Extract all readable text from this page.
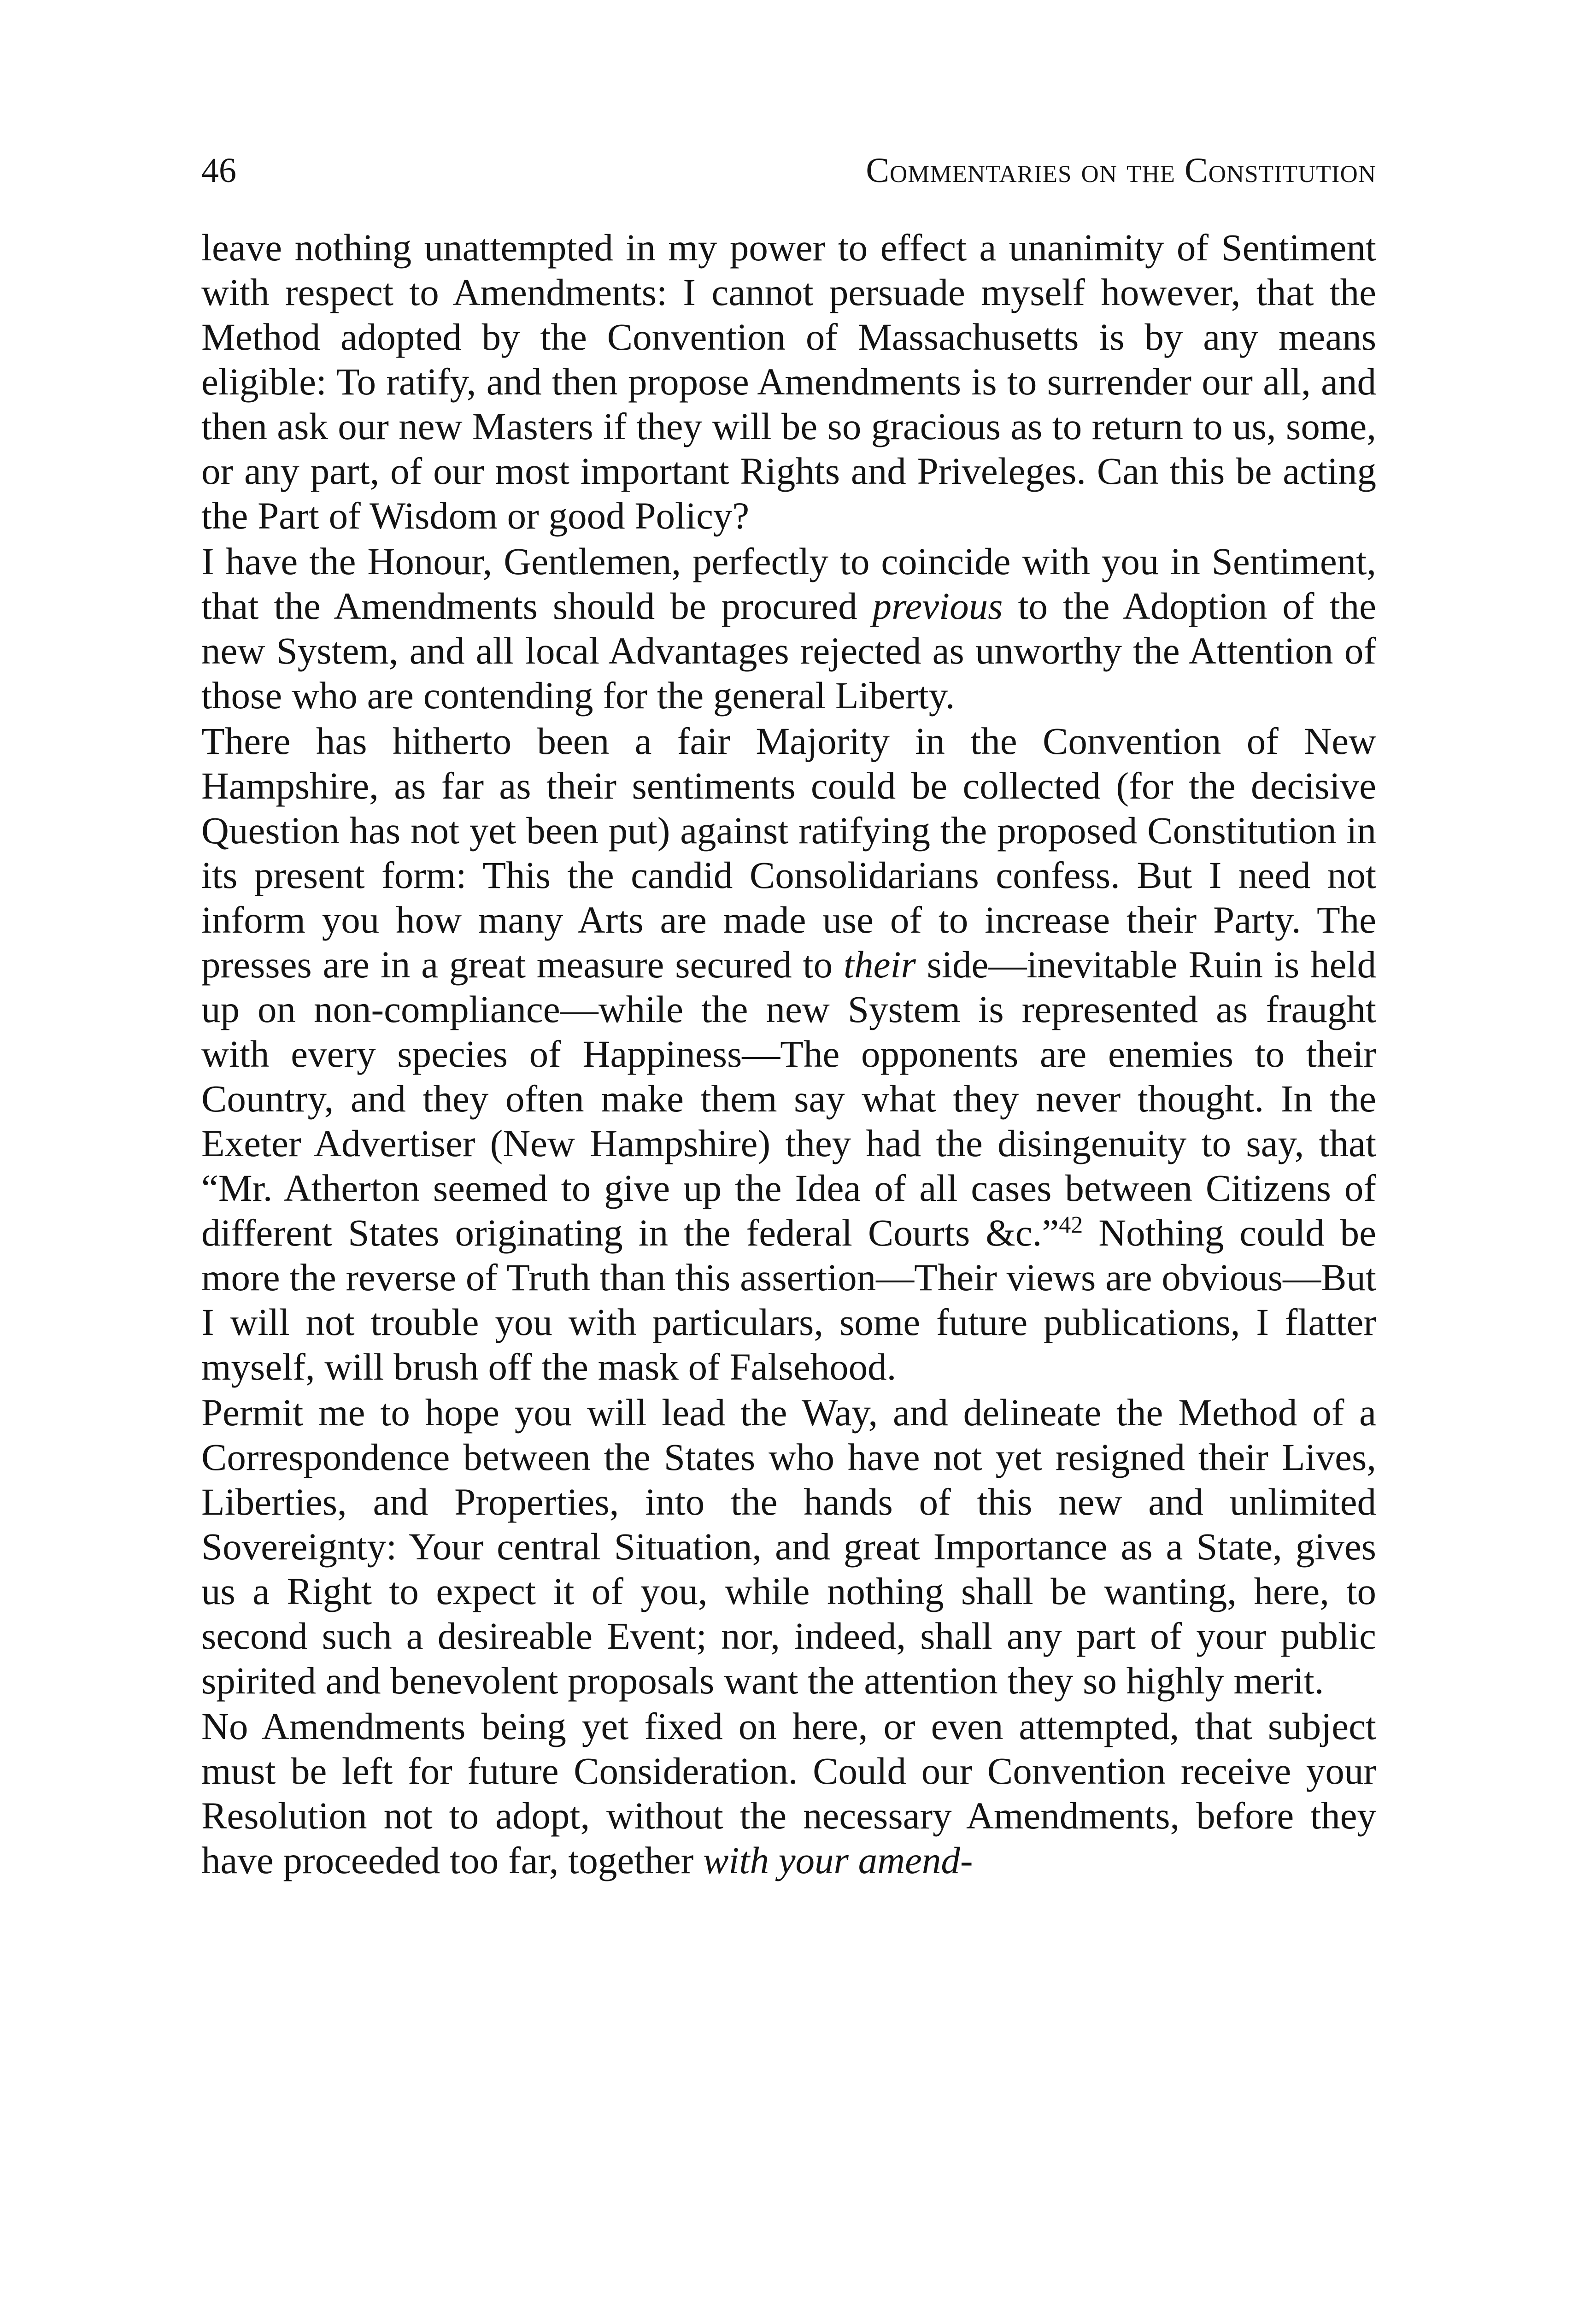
46	Commentaries on the Constitution

leave nothing unattempted in my power to effect a unanimity of Sentiment with respect to Amendments: I cannot persuade myself however, that the Method adopted by the Convention of Massachusetts is by any means eligible: To ratify, and then propose Amendments is to surrender our all, and then ask our new Masters if they will be so gracious as to return to us, some, or any part, of our most important Rights and Priveleges. Can this be acting the Part of Wisdom or good Policy?

I have the Honour, Gentlemen, perfectly to coincide with you in Sentiment, that the Amendments should be procured previous to the Adoption of the new System, and all local Advantages rejected as unworthy the Attention of those who are contending for the general Liberty.

There has hitherto been a fair Majority in the Convention of New Hampshire, as far as their sentiments could be collected (for the decisive Question has not yet been put) against ratifying the proposed Constitution in its present form: This the candid Consolidarians confess. But I need not inform you how many Arts are made use of to increase their Party. The presses are in a great measure secured to their side—inevitable Ruin is held up on non-compliance—while the new System is represented as fraught with every species of Happiness—The opponents are enemies to their Country, and they often make them say what they never thought. In the Exeter Advertiser (New Hampshire) they had the disingenuity to say, that “Mr. Atherton seemed to give up the Idea of all cases between Citizens of different States originating in the federal Courts &c.”$^{42}$ Nothing could be more the reverse of Truth than this assertion—Their views are obvious—But I will not trouble you with particulars, some future publications, I flatter myself, will brush off the mask of Falsehood.

Permit me to hope you will lead the Way, and delineate the Method of a Correspondence between the States who have not yet resigned their Lives, Liberties, and Properties, into the hands of this new and unlimited Sovereignty: Your central Situation, and great Importance as a State, gives us a Right to expect it of you, while nothing shall be wanting, here, to second such a desireable Event; nor, indeed, shall any part of your public spirited and benevolent proposals want the attention they so highly merit.

No Amendments being yet fixed on here, or even attempted, that subject must be left for future Consideration. Could our Convention receive your Resolution not to adopt, without the necessary Amendments, before they have proceeded too far, together with your amend-
